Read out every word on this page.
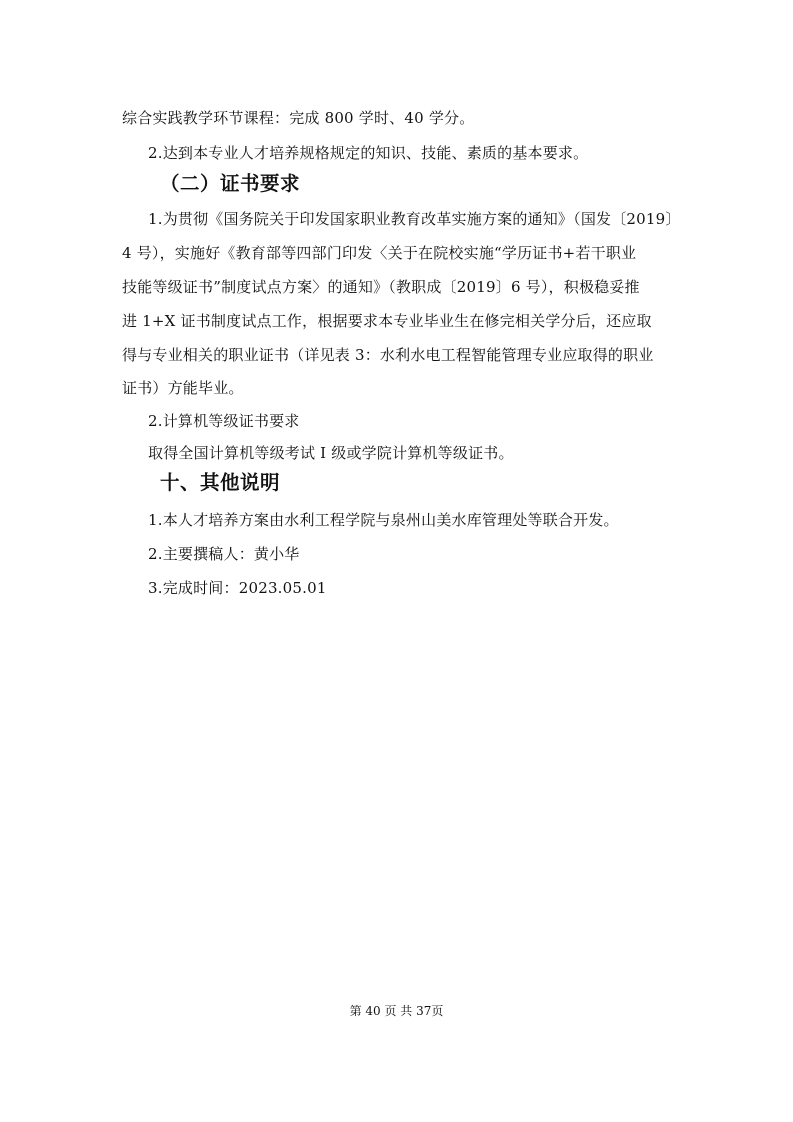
综合实践教学环节课程：完成 800 学时、40 学分。
2.达到本专业人才培养规格规定的知识、技能、素质的基本要求。
（二）证书要求
1.为贯彻《国务院关于印发国家职业教育改革实施方案的通知》（国发〔2019〕
4 号），实施好《教育部等四部门印发〈关于在院校实施“学历证书+若干职业
技能等级证书”制度试点方案〉的通知》（教职成〔2019〕6 号），积极稳妥推
进 1+X 证书制度试点工作，根据要求本专业毕业生在修完相关学分后，还应取
得与专业相关的职业证书（详见表 3：水利水电工程智能管理专业应取得的职业
证书）方能毕业。
2.计算机等级证书要求
取得全国计算机等级考试 I 级或学院计算机等级证书。
十、其他说明
1.本人才培养方案由水利工程学院与泉州山美水库管理处等联合开发。
2.主要撰稿人：黄小华
3.完成时间：2023.05.01
第 40 页 共 37页
